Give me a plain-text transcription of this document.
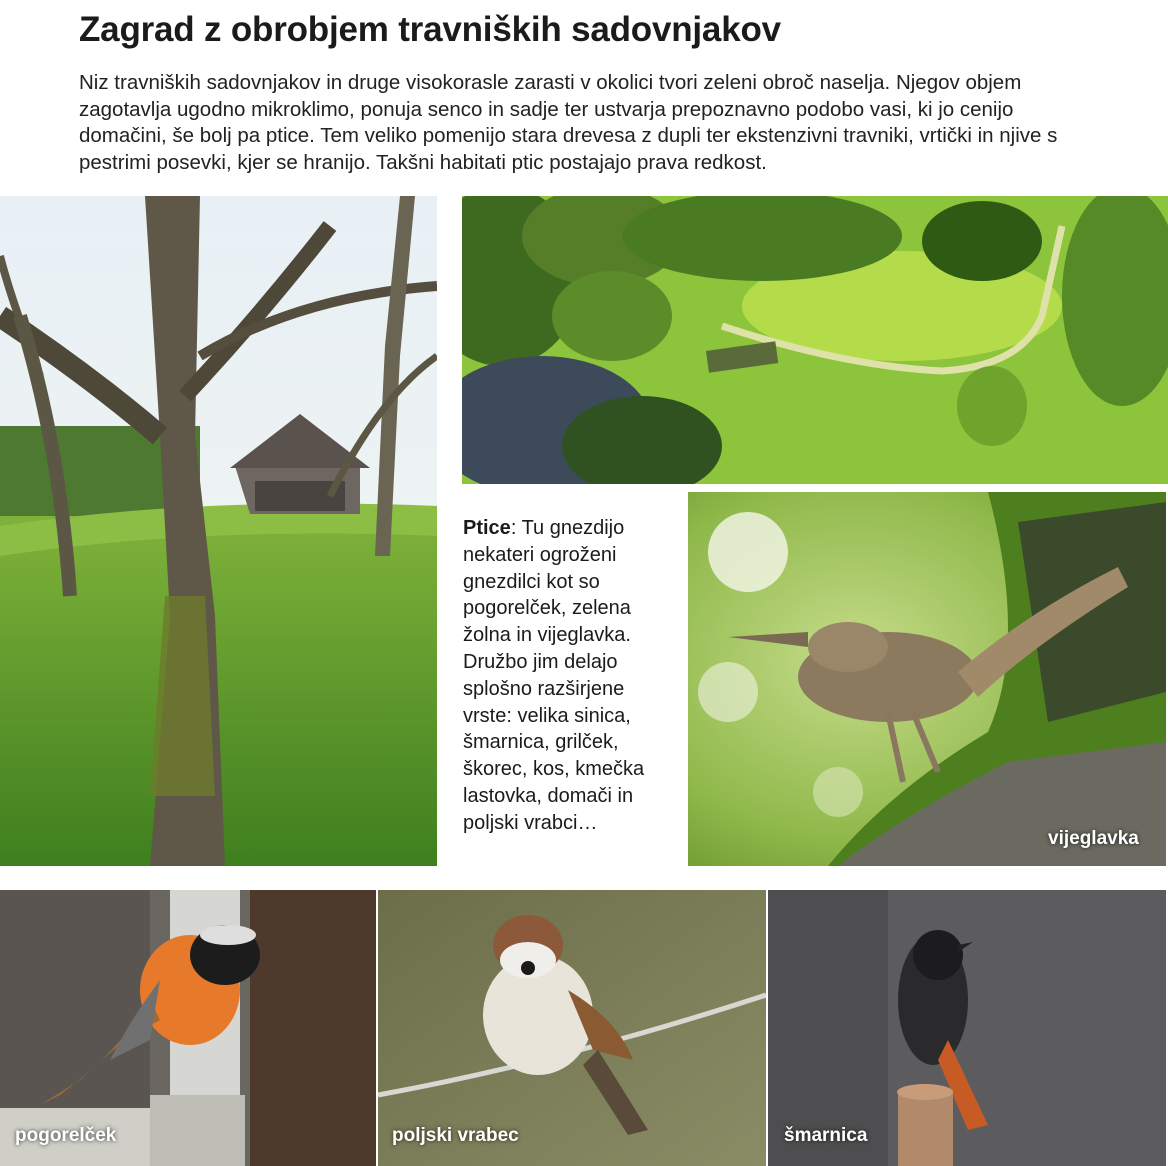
Zagrad z obrobjem travniških sadovnjakov

Niz travniških sadovnjakov in druge visokorasle zarasti v okolici tvori zeleni obroč naselja. Njegov objem zagotavlja ugodno mikroklimo, ponuja senco in sadje ter ustvarja prepoznavno podobo vasi, ki jo cenijo domačini, še bolj pa ptice. Tem veliko pomenijo stara drevesa z dupli ter ekstenzivni travniki, vrtički in njive s pestrimi posevki, kjer se hranijo. Takšni habitati ptic postajajo prava redkost.

Ptice: Tu gnezdijo nekateri ogroženi gnezdilci kot so pogorelček, zelena žolna in vijeglavka. Družbo jim delajo splošno razširjene vrste: velika sinica, šmarnica, grilček, škorec, kos, kmečka lastovka, domači in poljski vrabci…

vijeglavka
pogorelček	poljski vrabec	šmarnica
